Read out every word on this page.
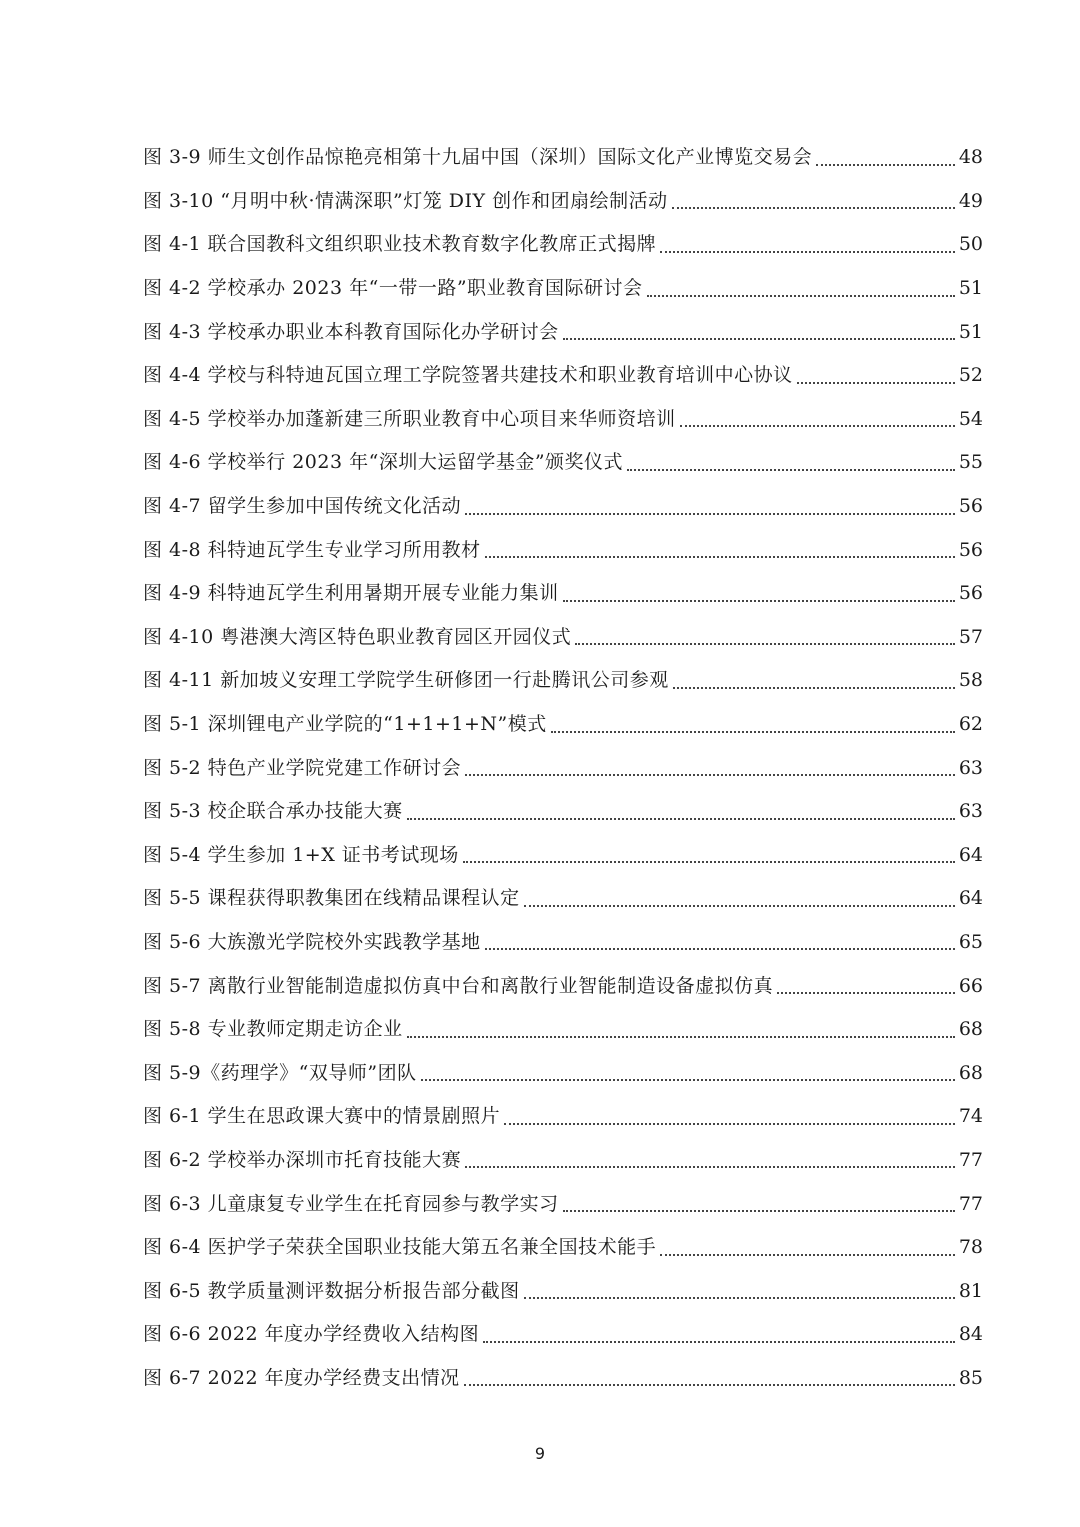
图 3-9 师生文创作品惊艳亮相第十九届中国（深圳）国际文化产业博览交易会	48
图 3-10 “月明中秋·情满深职”灯笼 DIY 创作和团扇绘制活动	49
图 4-1 联合国教科文组织职业技术教育数字化教席正式揭牌	50
图 4-2 学校承办 2023 年“一带一路”职业教育国际研讨会	51
图 4-3 学校承办职业本科教育国际化办学研讨会	51
图 4-4 学校与科特迪瓦国立理工学院签署共建技术和职业教育培训中心协议	52
图 4-5 学校举办加蓬新建三所职业教育中心项目来华师资培训	54
图 4-6 学校举行 2023 年“深圳大运留学基金”颁奖仪式	55
图 4-7 留学生参加中国传统文化活动	56
图 4-8 科特迪瓦学生专业学习所用教材	56
图 4-9 科特迪瓦学生利用暑期开展专业能力集训	56
图 4-10 粤港澳大湾区特色职业教育园区开园仪式	57
图 4-11 新加坡义安理工学院学生研修团一行赴腾讯公司参观	58
图 5-1 深圳锂电产业学院的“1+1+1+N”模式	62
图 5-2 特色产业学院党建工作研讨会	63
图 5-3 校企联合承办技能大赛	63
图 5-4 学生参加 1+X 证书考试现场	64
图 5-5 课程获得职教集团在线精品课程认定	64
图 5-6 大族激光学院校外实践教学基地	65
图 5-7 离散行业智能制造虚拟仿真中台和离散行业智能制造设备虚拟仿真	66
图 5-8 专业教师定期走访企业	68
图 5-9《药理学》“双导师”团队	68
图 6-1 学生在思政课大赛中的情景剧照片	74
图 6-2 学校举办深圳市托育技能大赛	77
图 6-3 儿童康复专业学生在托育园参与教学实习	77
图 6-4 医护学子荣获全国职业技能大第五名兼全国技术能手	78
图 6-5 教学质量测评数据分析报告部分截图	81
图 6-6 2022 年度办学经费收入结构图	84
图 6-7 2022 年度办学经费支出情况	85
9
